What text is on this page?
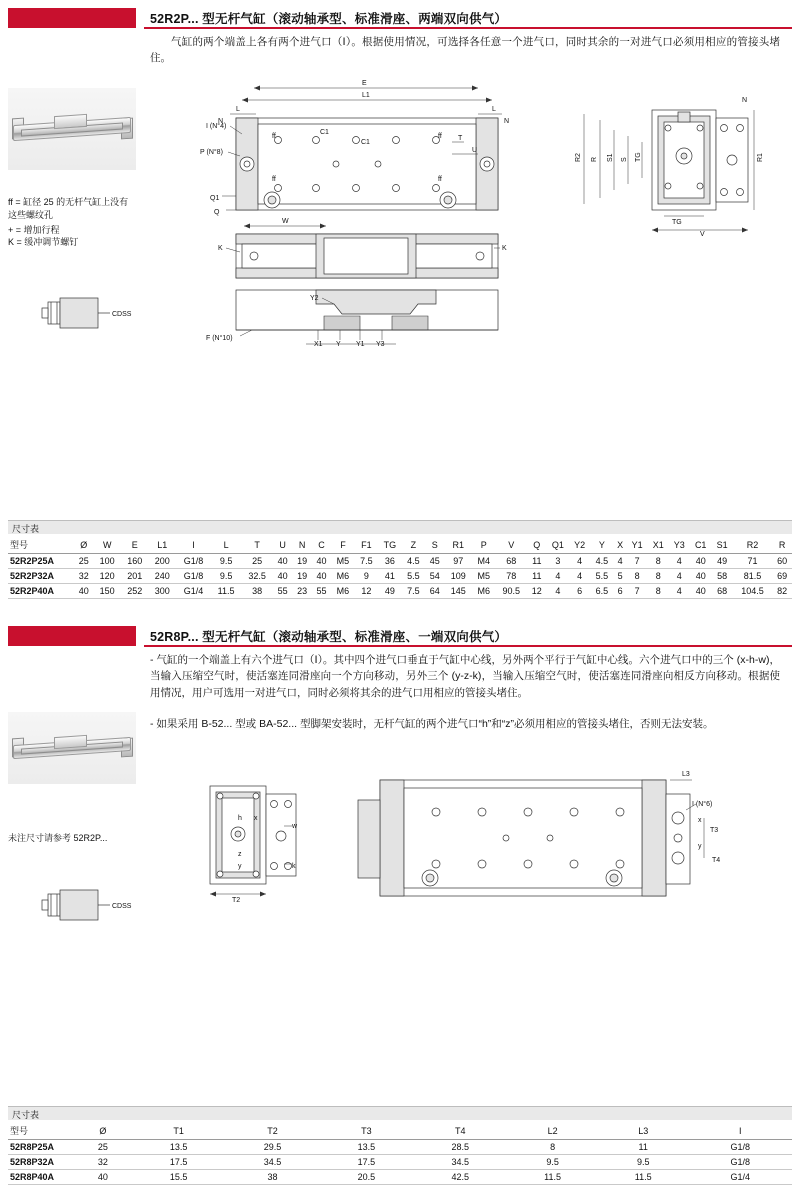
52R2P... 型无杆气缸（滚动轴承型、标准滑座、两端双向供气）
气缸的两个端盖上各有两个进气口（Ⅰ）。根据使用情况，可选择各任意一个进气口，同时其余的一对进气口必须用相应的管接头堵住。
ff = 缸径 25 的无杆气缸上没有这些螺纹孔
+ = 增加行程
K = 缓冲调节螺钉
CDSS
E
L1
L
N
L
N
ff
ff
ff
ff
C1
C1
T
U
I (N°4)
P (N°8)
Q1
Q
W
K	K
Y2
F (N°10)
X1 Y Y1 Y3
R2 R S1 S TG	R1
N
TG
V
尺寸表
型号	Ø	W	E	L1	I	L	T	U	N	C	F	F1	TG	Z	S	R1	P	V	Q	Q1	Y2	Y	X	Y1	X1	Y3	C1	S1	R2	R
52R2P25A	25	100	160	200	G1/8	9.5	25	40	19	40	M5	7.5	36	4.5	45	97	M4	68	11	3	4	4.5	4	7	8	4	40	49	71	60
52R2P32A	32	120	201	240	G1/8	9.5	32.5	40	19	40	M6	9	41	5.5	54	109	M5	78	11	4	4	5.5	5	8	8	4	40	58	81.5	69
52R2P40A	40	150	252	300	G1/4	11.5	38	55	23	55	M6	12	49	7.5	64	145	M6	90.5	12	4	6	6.5	6	7	8	4	40	68	104.5	82
52R8P... 型无杆气缸（滚动轴承型、标准滑座、一端双向供气）
- 气缸的一个端盖上有六个进气口（Ⅰ）。其中四个进气口垂直于气缸中心线，另外两个平行于气缸中心线。六个进气口中的三个 (x-h-w)，当输入压缩空气时，使活塞连同滑座向一个方向移动，另外三个 (y-z-k)，当输入压缩空气时，使活塞连同滑座向相反方向移动。根据使用情况，用户可选用一对进气口，同时必须将其余的进气口用相应的管接头堵住。
- 如果采用 B-52... 型或 BA-52... 型脚架安装时，无杆气缸的两个进气口“h”和“z”必须用相应的管接头堵住，否则无法安装。
未注尺寸请参考 52R2P...
CDSS
h x
w
z
y	k
T2
L3
I (N°6)
x
y
T3
T4
尺寸表
型号	Ø	T1	T2	T3	T4	L2	L3	I
52R8P25A	25	13.5	29.5	13.5	28.5	8	11	G1/8
52R8P32A	32	17.5	34.5	17.5	34.5	9.5	9.5	G1/8
52R8P40A	40	15.5	38	20.5	42.5	11.5	11.5	G1/4
